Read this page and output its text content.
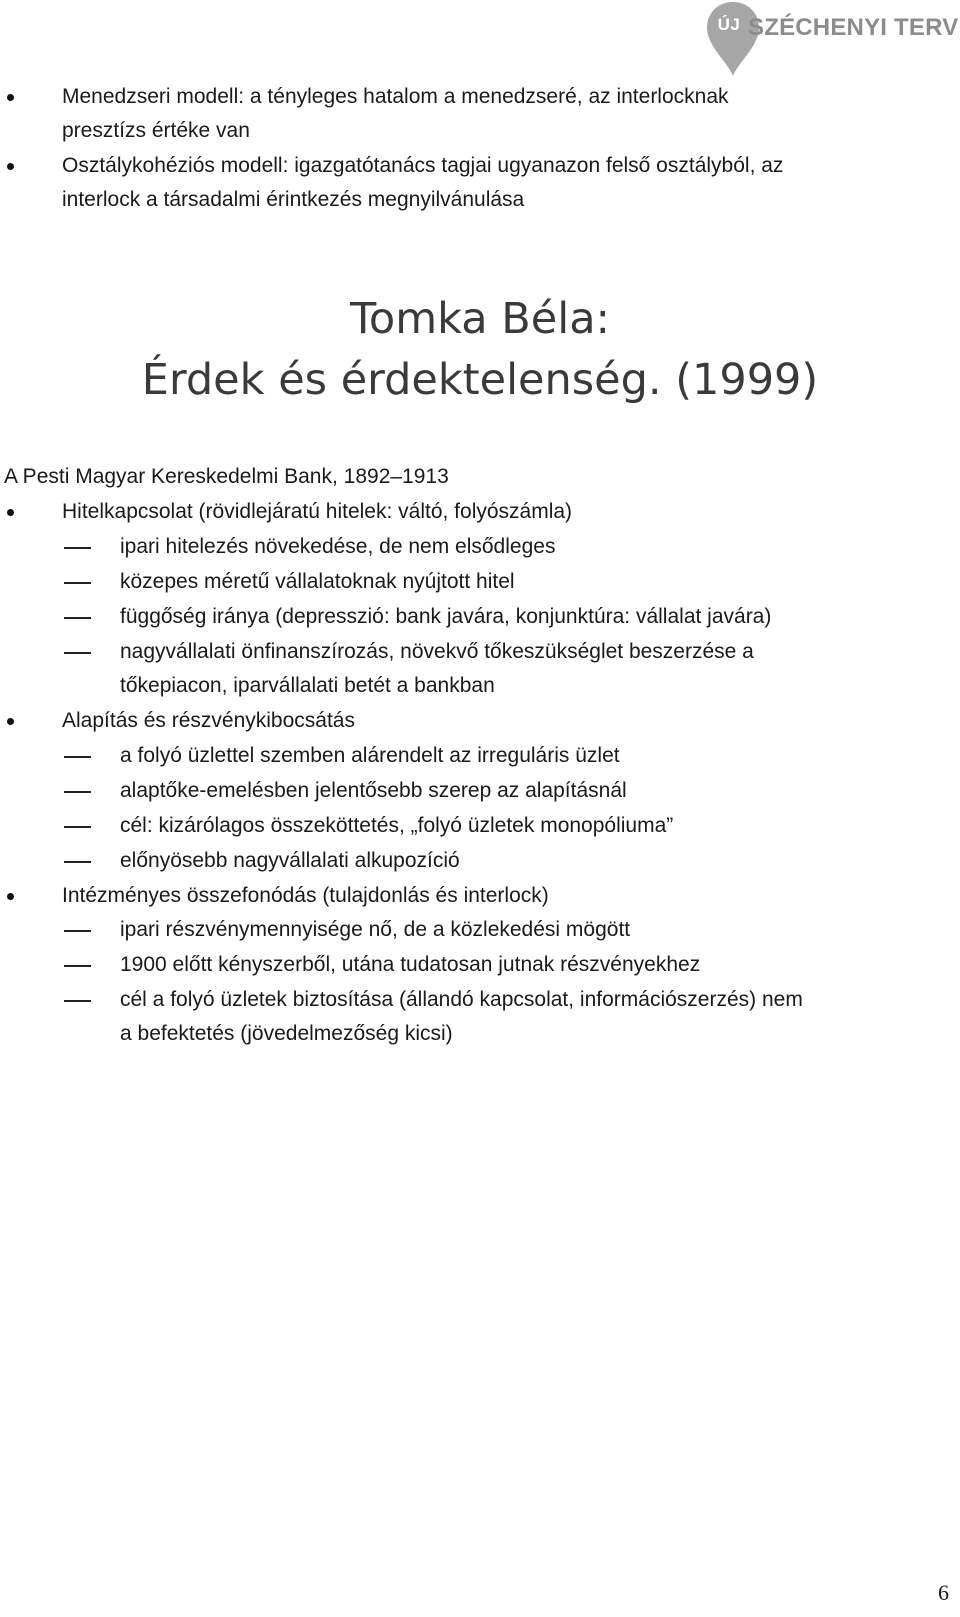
ÚJ SZÉCHENYI TERV
Menedzseri modell: a tényleges hatalom a menedzseré, az interlocknak
presztízs értéke van
Osztálykohéziós modell: igazgatótanács tagjai ugyanazon felső osztályból, az
interlock a társadalmi érintkezés megnyilvánulása
Tomka Béla:
Érdek és érdektelenség. (1999)
A Pesti Magyar Kereskedelmi Bank, 1892–1913
Hitelkapcsolat (rövidlejáratú hitelek: váltó, folyószámla)
ipari hitelezés növekedése, de nem elsődleges
közepes méretű vállalatoknak nyújtott hitel
függőség iránya (depresszió: bank javára, konjunktúra: vállalat javára)
nagyvállalati önfinanszírozás, növekvő tőkeszükséglet beszerzése a
tőkepiacon, iparvállalati betét a bankban
Alapítás és részvénykibocsátás
a folyó üzlettel szemben alárendelt az irreguláris üzlet
alaptőke-emelésben jelentősebb szerep az alapításnál
cél: kizárólagos összeköttetés, „folyó üzletek monopóliuma”
előnyösebb nagyvállalati alkupozíció
Intézményes összefonódás (tulajdonlás és interlock)
ipari részvénymennyisége nő, de a közlekedési mögött
1900 előtt kényszerből, utána tudatosan jutnak részvényekhez
cél a folyó üzletek biztosítása (állandó kapcsolat, információszerzés) nem
a befektetés (jövedelmezőség kicsi)
6
